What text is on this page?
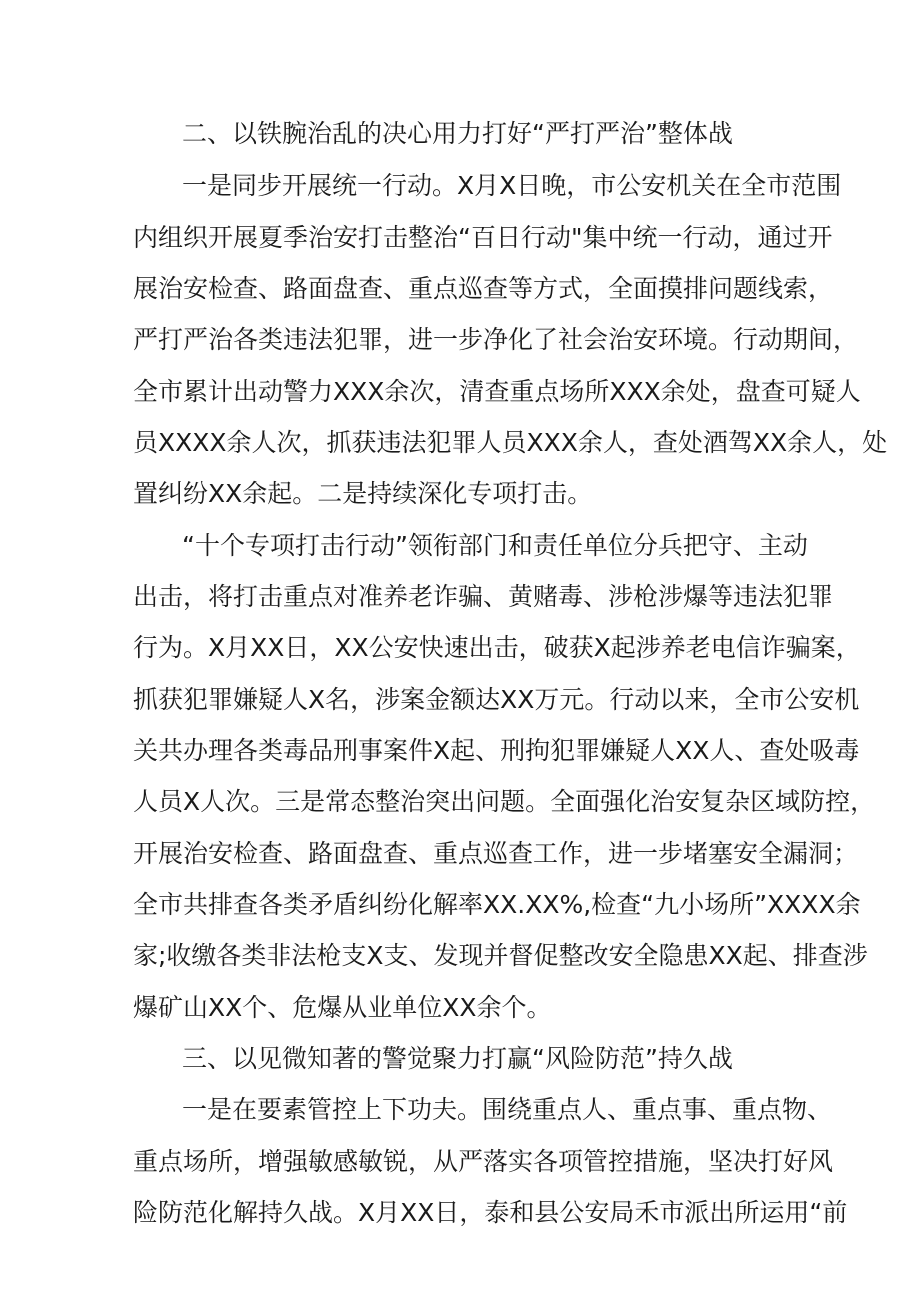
二、以铁腕治乱的决心用力打好“严打严治”整体战

一是同步开展统一行动。X月X日晚，市公安机关在全市范围

内组织开展夏季治安打击整治“百日行动"集中统一行动，通过开

展治安检查、路面盘查、重点巡查等方式，全面摸排问题线索，

严打严治各类违法犯罪，进一步净化了社会治安环境。行动期间，

全市累计出动警力XXX余次，清查重点场所XXX余处，盘查可疑人

员XXXX余人次，抓获违法犯罪人员XXX余人，查处酒驾XX余人，处

置纠纷XX余起。二是持续深化专项打击。

“十个专项打击行动”领衔部门和责任单位分兵把守、主动

出击，将打击重点对准养老诈骗、黄赌毒、涉枪涉爆等违法犯罪

行为。X月XX日，XX公安快速出击，破获X起涉养老电信诈骗案，

抓获犯罪嫌疑人X名，涉案金额达XX万元。行动以来，全市公安机

关共办理各类毒品刑事案件X起、刑拘犯罪嫌疑人XX人、查处吸毒

人员X人次。三是常态整治突出问题。全面强化治安复杂区域防控，

开展治安检查、路面盘查、重点巡查工作，进一步堵塞安全漏洞；

全市共排查各类矛盾纠纷化解率XX.XX%,检查“九小场所”XXXX余

家;收缴各类非法枪支X支、发现并督促整改安全隐患XX起、排查涉

爆矿山XX个、危爆从业单位XX余个。

三、以见微知著的警觉聚力打赢“风险防范”持久战

一是在要素管控上下功夫。围绕重点人、重点事、重点物、

重点场所，增强敏感敏锐，从严落实各项管控措施，坚决打好风

险防范化解持久战。X月XX日，泰和县公安局禾市派出所运用“前
